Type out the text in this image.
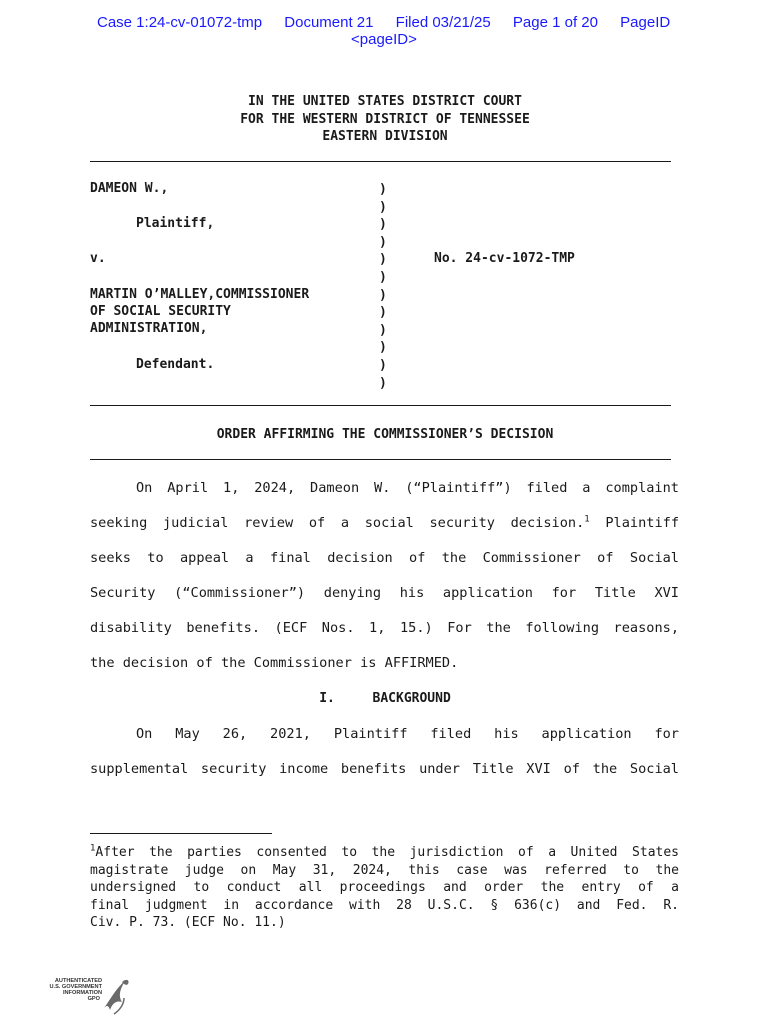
Case 1:24-cv-01072-tmp Document 21 Filed 03/21/25 Page 1 of 20 PageID
<pageID>
IN THE UNITED STATES DISTRICT COURT
FOR THE WESTERN DISTRICT OF TENNESSEE
EASTERN DIVISION
DAMEON W.,
Plaintiff,
v.
MARTIN O’MALLEY,COMMISSIONER
OF SOCIAL SECURITY
ADMINISTRATION,
Defendant.
No. 24-cv-1072-TMP
)
)
)
)
)
)
)
)
)
)
)
)
ORDER AFFIRMING THE COMMISSIONER’S DECISION

On April 1, 2024, Dameon W. (“Plaintiff”) filed a complaint

seeking judicial review of a social security decision.$^1$ Plaintiff

seeks to appeal a final decision of the Commissioner of Social

Security (“Commissioner”) denying his application for Title XVI

disability benefits. (ECF Nos. 1, 15.) For the following reasons,

the decision of the Commissioner is AFFIRMED.

On May 26, 2021, Plaintiff filed his application for

supplemental security income benefits under Title XVI of the Social

I.	BACKGROUND
$^1$After the parties consented to the jurisdiction of a United States
magistrate judge on May 31, 2024, this case was referred to the
undersigned to conduct all proceedings and order the entry of a
final judgment in accordance with 28 U.S.C. § 636(c) and Fed. R.
Civ. P. 73. (ECF No. 11.)
AUTHENTICATED
U.S. GOVERNMENT
INFORMATION
GPO
